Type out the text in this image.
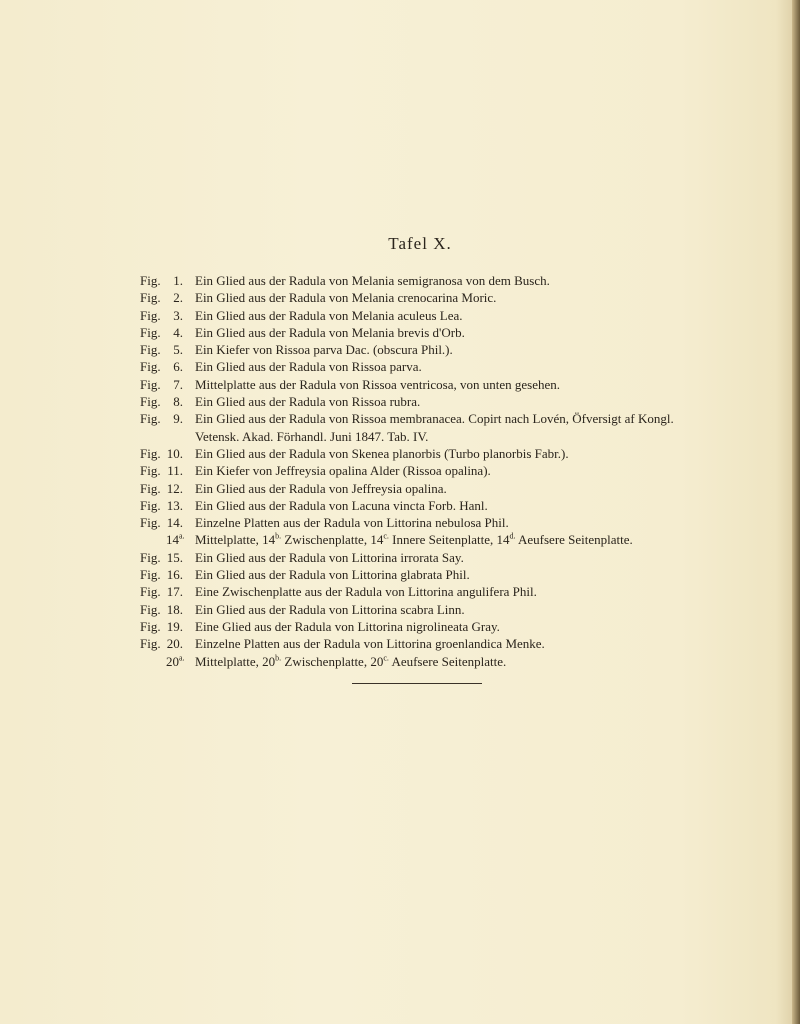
Tafel X.
Fig. 1. Ein Glied aus der Radula von Melania semigranosa von dem Busch.
Fig. 2. Ein Glied aus der Radula von Melania crenocarina Moric.
Fig. 3. Ein Glied aus der Radula von Melania aculeus Lea.
Fig. 4. Ein Glied aus der Radula von Melania brevis d'Orb.
Fig. 5. Ein Kiefer von Rissoa parva Dac. (obscura Phil.).
Fig. 6. Ein Glied aus der Radula von Rissoa parva.
Fig. 7. Mittelplatte aus der Radula von Rissoa ventricosa, von unten gesehen.
Fig. 8. Ein Glied aus der Radula von Rissoa rubra.
Fig. 9. Ein Glied aus der Radula von Rissoa membranacea. Copirt nach Lovén, Öfversigt af Kongl.
Vetensk. Akad. Förhandl. Juni 1847. Tab. IV.
Fig. 10. Ein Glied aus der Radula von Skenea planorbis (Turbo planorbis Fabr.).
Fig. 11. Ein Kiefer von Jeffreysia opalina Alder (Rissoa opalina).
Fig. 12. Ein Glied aus der Radula von Jeffreysia opalina.
Fig. 13. Ein Glied aus der Radula von Lacuna vincta Forb. Hanl.
Fig. 14. Einzelne Platten aus der Radula von Littorina nebulosa Phil.
$14^{a.}$ Mittelplatte, $14^{b.}$ Zwischenplatte, $14^{c.}$ Innere Seitenplatte, $14^{d.}$ Aeufsere Seitenplatte.
Fig. 15. Ein Glied aus der Radula von Littorina irrorata Say.
Fig. 16. Ein Glied aus der Radula von Littorina glabrata Phil.
Fig. 17. Eine Zwischenplatte aus der Radula von Littorina angulifera Phil.
Fig. 18. Ein Glied aus der Radula von Littorina scabra Linn.
Fig. 19. Eine Glied aus der Radula von Littorina nigrolineata Gray.
Fig. 20. Einzelne Platten aus der Radula von Littorina groenlandica Menke.
$20^{a.}$ Mittelplatte, $20^{b.}$ Zwischenplatte, $20^{c.}$ Aeufsere Seitenplatte.
